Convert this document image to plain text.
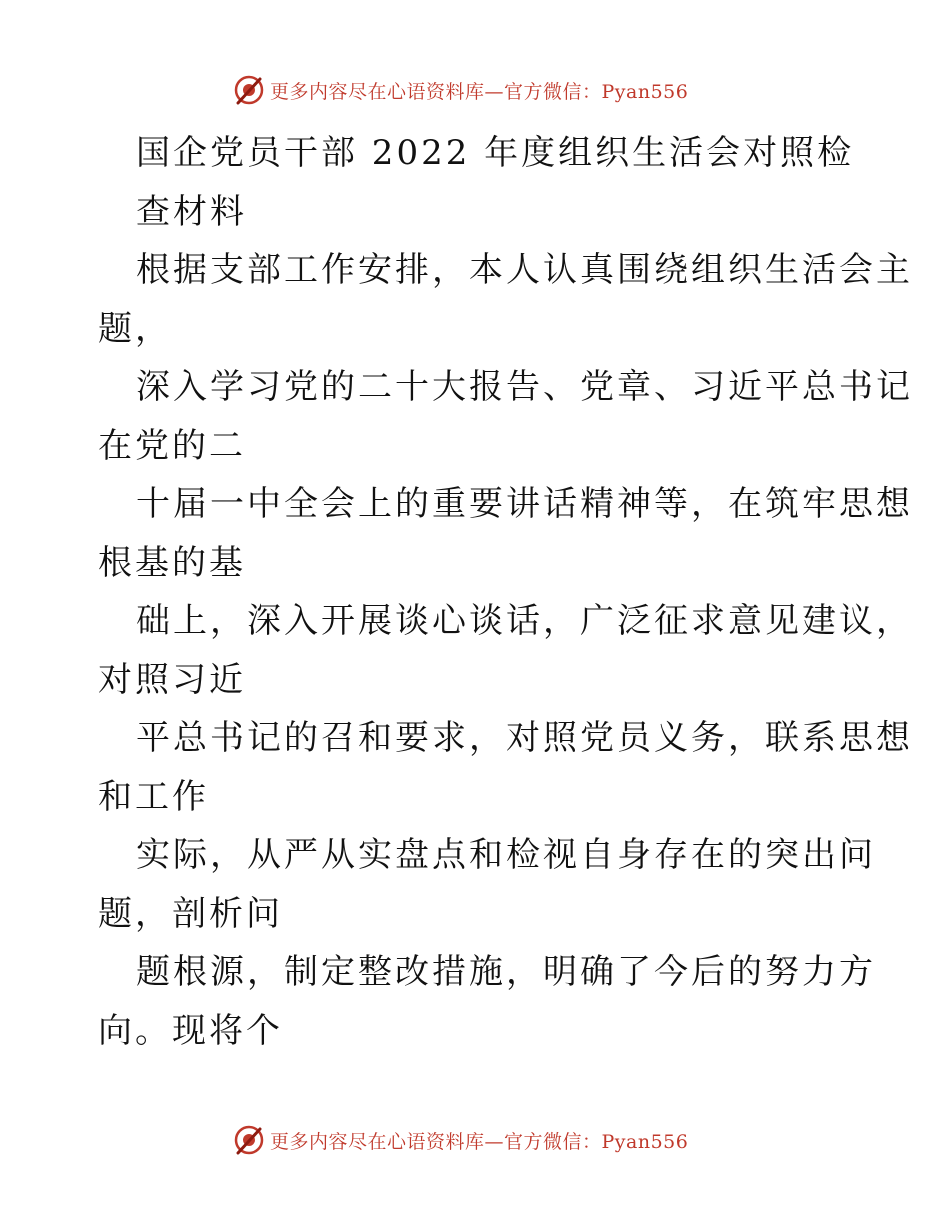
更多内容尽在心语资料库— 官方微信：Pyan556
国企党员干部 2022 年度组织生活会对照检
查材料
根据支部工作安排，本人认真围绕组织生活会主
题，
深入学习党的二十大报告、党章、习近平总书记
在党的二
十届一中全会上的重要讲话精神等，在筑牢思想
根基的基
础上，深入开展谈心谈话，广泛征求意见建议，
对照习近
平总书记的召和要求，对照党员义务，联系思想
和工作
实际，从严从实盘点和检视自身存在的突出问
题，剖析问
题根源，制定整改措施，明确了今后的努力方
向。现将个
更多内容尽在心语资料库— 官方微信：Pyan556
